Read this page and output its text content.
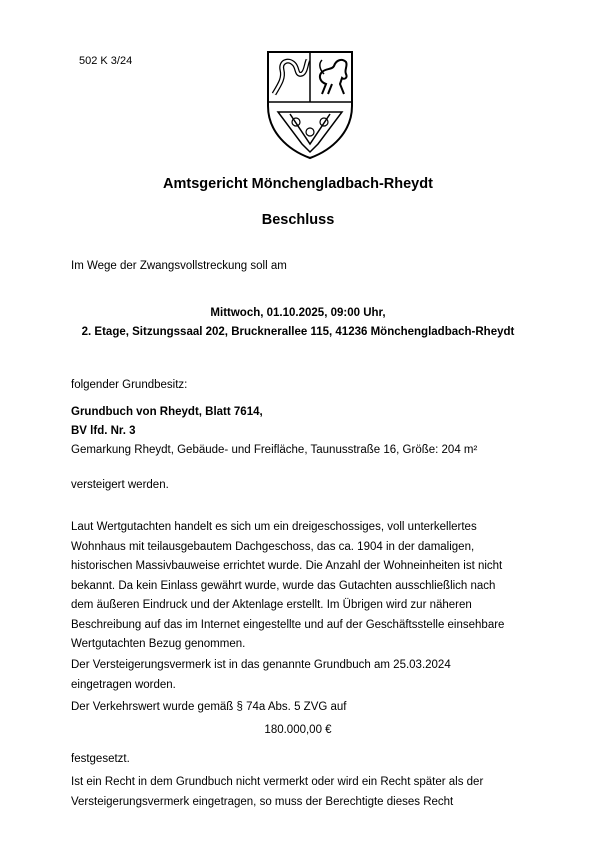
502 K 3/24
Amtsgericht Mönchengladbach-Rheydt
Beschluss
Im Wege der Zwangsvollstreckung soll am
Mittwoch, 01.10.2025, 09:00 Uhr,
2. Etage, Sitzungssaal 202, Brucknerallee 115, 41236 Mönchengladbach-Rheydt
folgender Grundbesitz:
Grundbuch von Rheydt, Blatt 7614,
BV lfd. Nr. 3
Gemarkung Rheydt, Gebäude- und Freifläche, Taunusstraße 16, Größe: 204 m²
versteigert werden.
Laut Wertgutachten handelt es sich um ein dreigeschossiges, voll unterkellertes
Wohnhaus mit teilausgebautem Dachgeschoss, das ca. 1904 in der damaligen,
historischen Massivbauweise errichtet wurde. Die Anzahl der Wohneinheiten ist nicht
bekannt. Da kein Einlass gewährt wurde, wurde das Gutachten ausschließlich nach
dem äußeren Eindruck und der Aktenlage erstellt. Im Übrigen wird zur näheren
Beschreibung auf das im Internet eingestellte und auf der Geschäftsstelle einsehbare
Wertgutachten Bezug genommen.
Der Versteigerungsvermerk ist in das genannte Grundbuch am 25.03.2024
eingetragen worden.
Der Verkehrswert wurde gemäß § 74a Abs. 5 ZVG auf
180.000,00 €
festgesetzt.
Ist ein Recht in dem Grundbuch nicht vermerkt oder wird ein Recht später als der
Versteigerungsvermerk eingetragen, so muss der Berechtigte dieses Recht
